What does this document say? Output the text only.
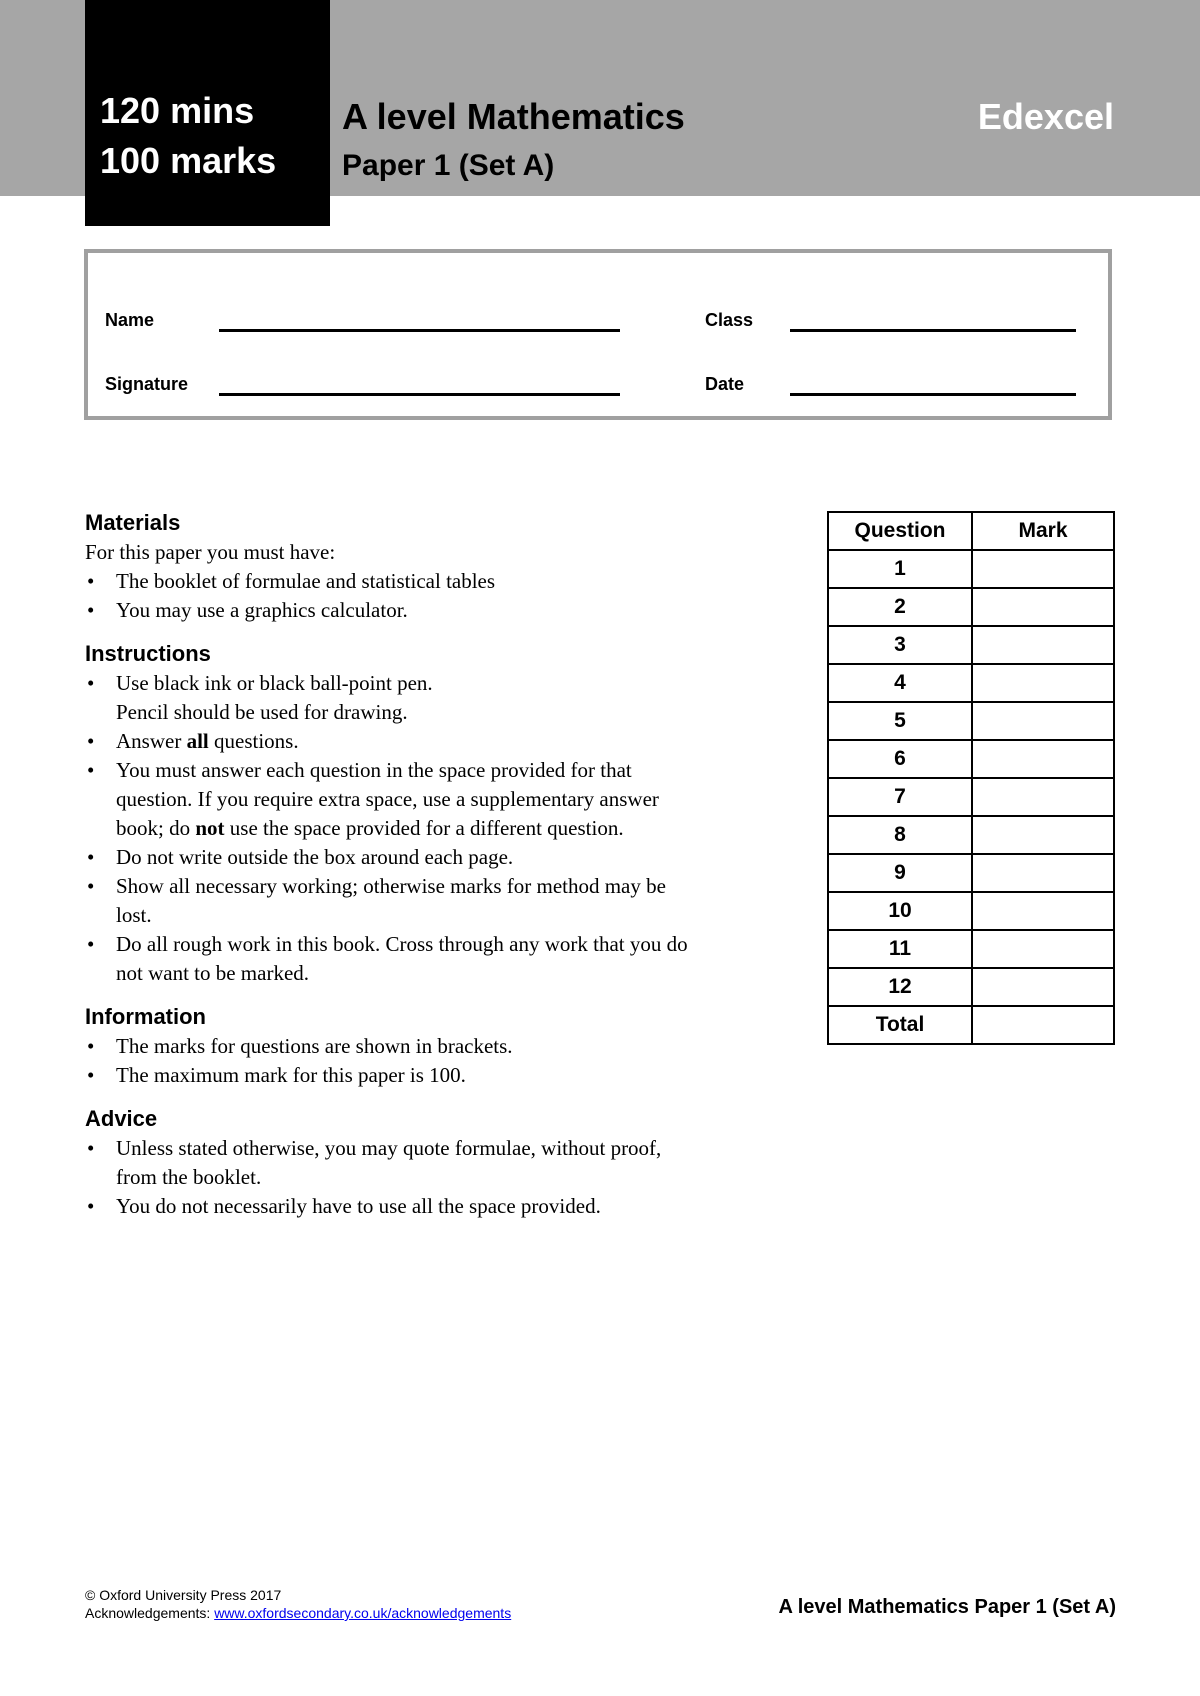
120 mins
100 marks
A level Mathematics
Paper 1 (Set A)
Edexcel
Name	Class
Signature	Date
Materials

For this paper you must have:

• The booklet of formulae and statistical tables
• You may use a graphics calculator.
Instructions
• Use black ink or black ball-point pen.
Pencil should be used for drawing.
• Answer all questions.
• You must answer each question in the space provided for that question. If you require extra space, use a supplementary answer book; do not use the space provided for a different question.
• Do not write outside the box around each page.
• Show all necessary working; otherwise marks for method may be lost.
• Do all rough work in this book. Cross through any work that you do not want to be marked.
Information
• The marks for questions are shown in brackets.
• The maximum mark for this paper is 100.
Advice
• Unless stated otherwise, you may quote formulae, without proof, from the booklet.
• You do not necessarily have to use all the space provided.
Question	Mark
1	
2	
3	
4	
5	
6	
7	
8	
9	
10	
11	
12	
Total	
© Oxford University Press 2017
Acknowledgements: www.oxfordsecondary.co.uk/acknowledgements	A level Mathematics Paper 1 (Set A)
